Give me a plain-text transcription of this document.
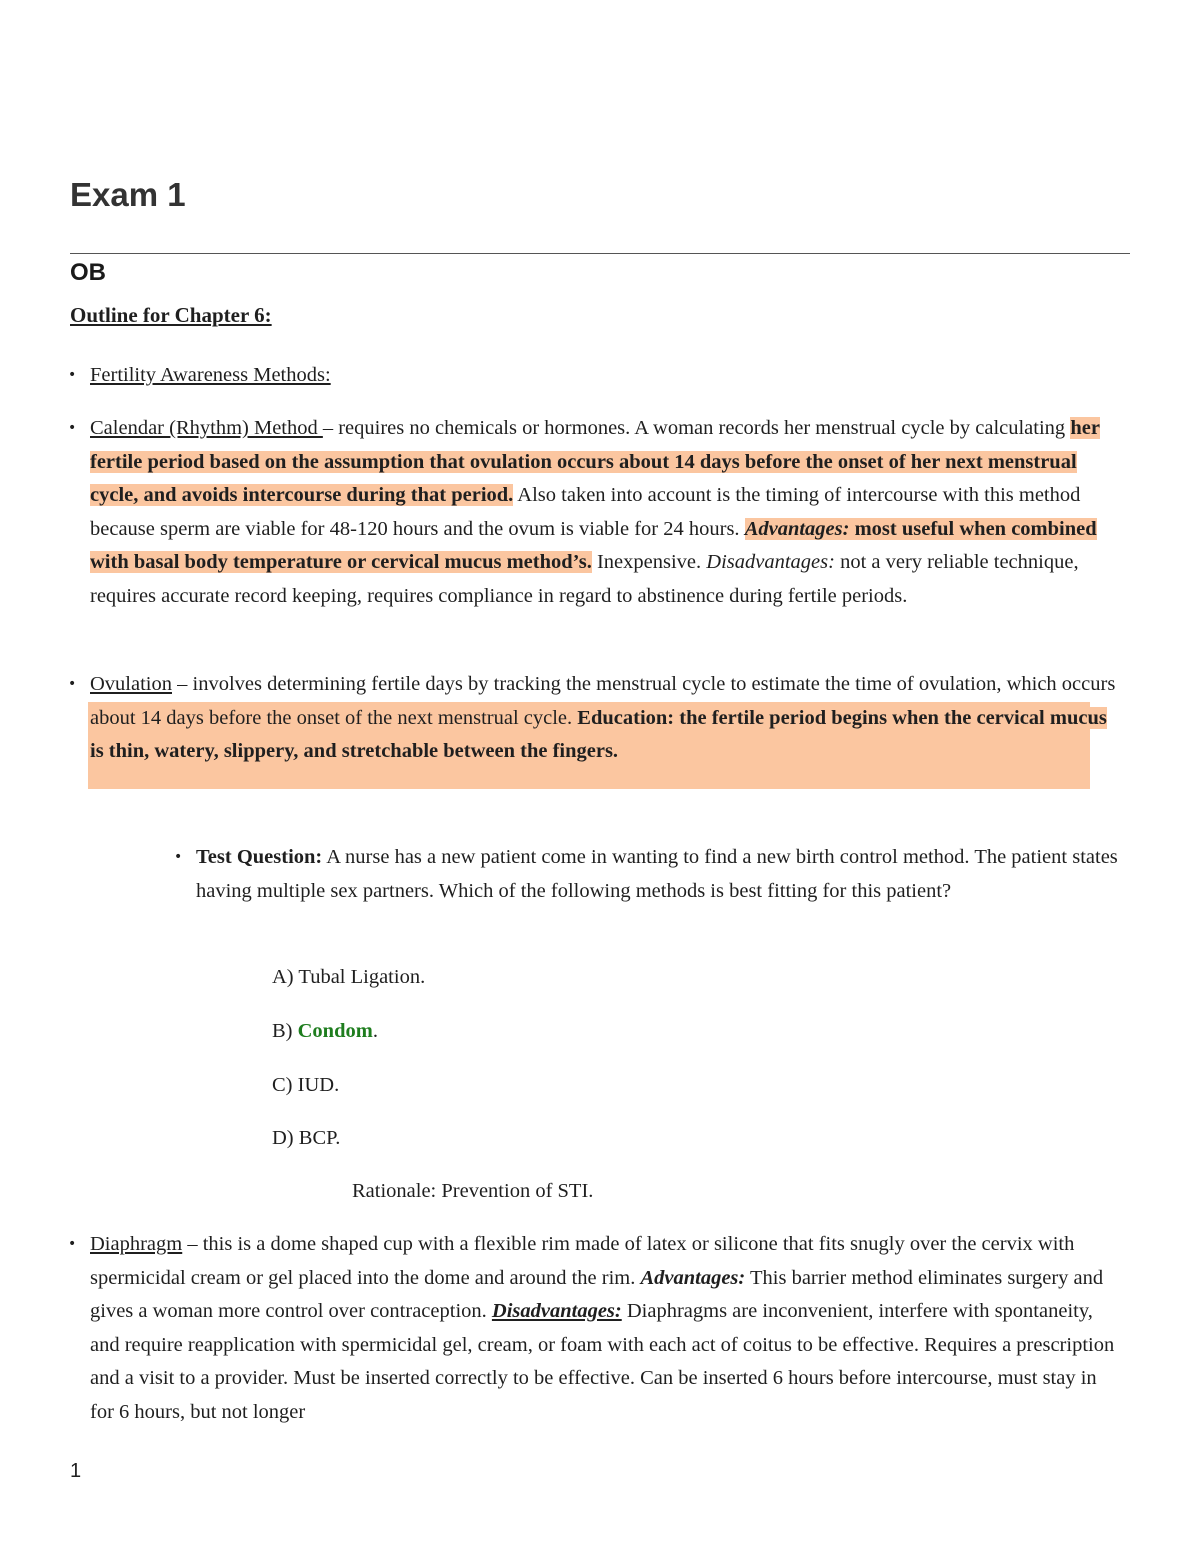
Exam 1
OB

Outline for Chapter 6:

• Fertility Awareness Methods:
• Calendar (Rhythm) Method – requires no chemicals or hormones. A woman records her menstrual cycle by calculating her fertile period based on the assumption that ovulation occurs about 14 days before the onset of her next menstrual cycle, and avoids intercourse during that period. Also taken into account is the timing of intercourse with this method because sperm are viable for 48-120 hours and the ovum is viable for 24 hours. Advantages: most useful when combined with basal body temperature or cervical mucus method’s. Inexpensive. Disadvantages: not a very reliable technique, requires accurate record keeping, requires compliance in regard to abstinence during fertile periods.
• Ovulation – involves determining fertile days by tracking the menstrual cycle to estimate the time of ovulation, which occurs about 14 days before the onset of the next menstrual cycle. Education: the fertile period begins when the cervical mucus is thin, watery, slippery, and stretchable between the fingers.
• Test Question: A nurse has a new patient come in wanting to find a new birth control method. The patient states having multiple sex partners. Which of the following methods is best fitting for this patient?
A) Tubal Ligation.
B) Condom.
C) IUD.
D) BCP.
Rationale: Prevention of STI.
• Diaphragm – this is a dome shaped cup with a flexible rim made of latex or silicone that fits snugly over the cervix with spermicidal cream or gel placed into the dome and around the rim. Advantages: This barrier method eliminates surgery and gives a woman more control over contraception. Disadvantages: Diaphragms are inconvenient, interfere with spontaneity, and require reapplication with spermicidal gel, cream, or foam with each act of coitus to be effective. Requires a prescription and a visit to a provider. Must be inserted correctly to be effective. Can be inserted 6 hours before intercourse, must stay in for 6 hours, but not longer
1
